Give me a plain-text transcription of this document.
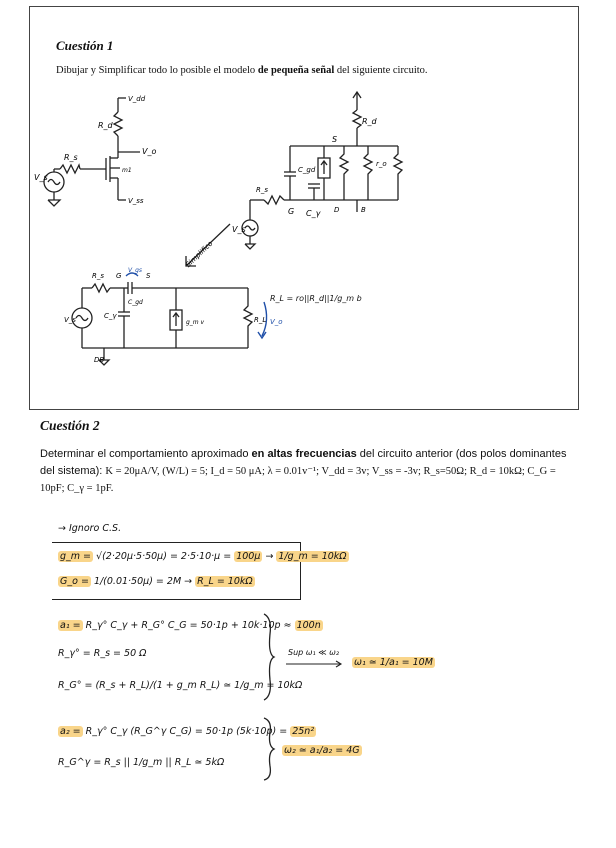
Cuestión 1
Dibujar y Simplificar todo lo posible el modelo de pequeña señal del siguiente circuito.
V_dd
R_d
V_o
R_s
m1
V_s
V_ss
R_d
S
C_gd
R_s
r_o
G C_γ D	B
V_s
Simplifico
R_s G
V_gs
S
C_gd
C_γ
g_m v	R_L V_o
V_s
DB
R_L = ro||R_d||1/g_m b
Cuestión 2
Determinar el comportamiento aproximado en altas frecuencias del circuito anterior (dos polos dominantes del sistema): K = 20μA/V, (W/L) = 5; I_d = 50 μA; λ = 0.01v⁻¹; V_dd = 3v; V_ss = -3v; R_s=50Ω; R_d = 10kΩ; C_G = 10pF; C_γ = 1pF.
→ Ignoro C.S.
g_m = √(2·20μ·5·50μ) = 2·5·10·μ = 100μ → 1/g_m = 10kΩ
G_o = 1/(0.01·50μ) = 2M → R_L = 10kΩ
a₁ = R_γ° C_γ + R_G° C_G = 50·1p + 10k·10p ≈ 100n
R_γ° = R_s = 50 Ω
R_G° = (R_s + R_L)/(1 + g_m R_L) ≃ 1/g_m = 10kΩ
Sup ω₁ ≪ ω₂
ω₁ ≃ 1/a₁ = 10M
a₂ = R_γ° C_γ (R_G^γ C_G) = 50·1p (5k·10p) = 25n²
R_G^γ = R_s || 1/g_m || R_L ≃ 5kΩ
ω₂ ≃ a₁/a₂ = 4G
